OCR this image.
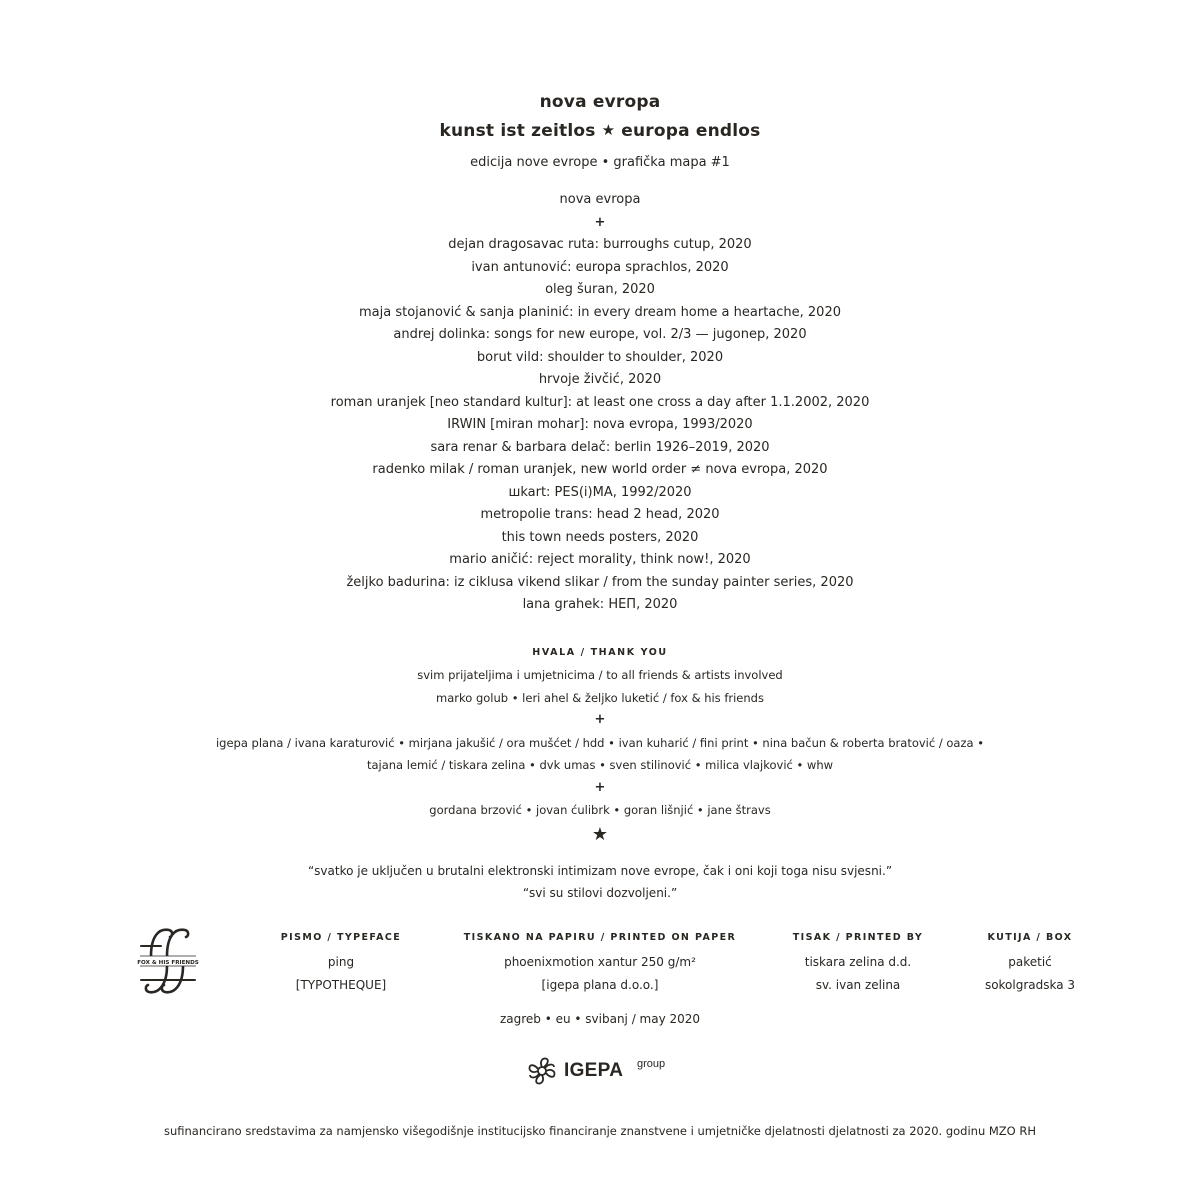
nova evropa
kunst ist zeitlos ★ europa endlos
edicija nove evrope • grafička mapa #1
nova evropa
+
dejan dragosavac ruta: burroughs cutup, 2020
ivan antunović: europa sprachlos, 2020
oleg šuran, 2020
maja stojanović & sanja planinić: in every dream home a heartache, 2020
andrej dolinka: songs for new europe, vol. 2/3 — jugonep, 2020
borut vild: shoulder to shoulder, 2020
hrvoje živčić, 2020
roman uranjek [neo standard kultur]: at least one cross a day after 1.1.2002, 2020
IRWIN [miran mohar]: nova evropa, 1993/2020
sara renar & barbara delač: berlin 1926–2019, 2020
radenko milak / roman uranjek, new world order ≠ nova evropa, 2020
шkart: PES(i)MA, 1992/2020
metropolie trans: head 2 head, 2020
this town needs posters, 2020
mario aničić: reject morality, think now!, 2020
željko badurina: iz ciklusa vikend slikar / from the sunday painter series, 2020
lana grahek: НЕП, 2020
HVALA / THANK YOU
svim prijateljima i umjetnicima / to all friends & artists involved
marko golub • leri ahel & željko luketić / fox & his friends
+
igepa plana / ivana karaturović • mirjana jakušić / ora mušćet / hdd • ivan kuharić / fini print • nina bačun & roberta bratović / oaza •
tajana lemić / tiskara zelina • dvk umas • sven stilinović • milica vlajković • whw
+
gordana brzović • jovan ćulibrk • goran lišnjić • jane štravs
★
“svatko je uključen u brutalni elektronski intimizam nove evrope, čak i oni koji toga nisu svjesni.”
“svi su stilovi dozvoljeni.”
FOX & HIS FRIENDS
PISMO / TYPEFACE
ping
[TYPOTHEQUE]
TISKANO NA PAPIRU / PRINTED ON PAPER
phoenixmotion xantur 250 g/m²
[igepa plana d.o.o.]
TISAK / PRINTED BY
tiskara zelina d.d.
sv. ivan zelina
KUTIJA / BOX
paketić
sokolgradska 3
zagreb • eu • svibanj / may 2020
IGEPA group
sufinancirano sredstavima za namjensko višegodišnje institucijsko financiranje znanstvene i umjetničke djelatnosti djelatnosti za 2020. godinu MZO RH
